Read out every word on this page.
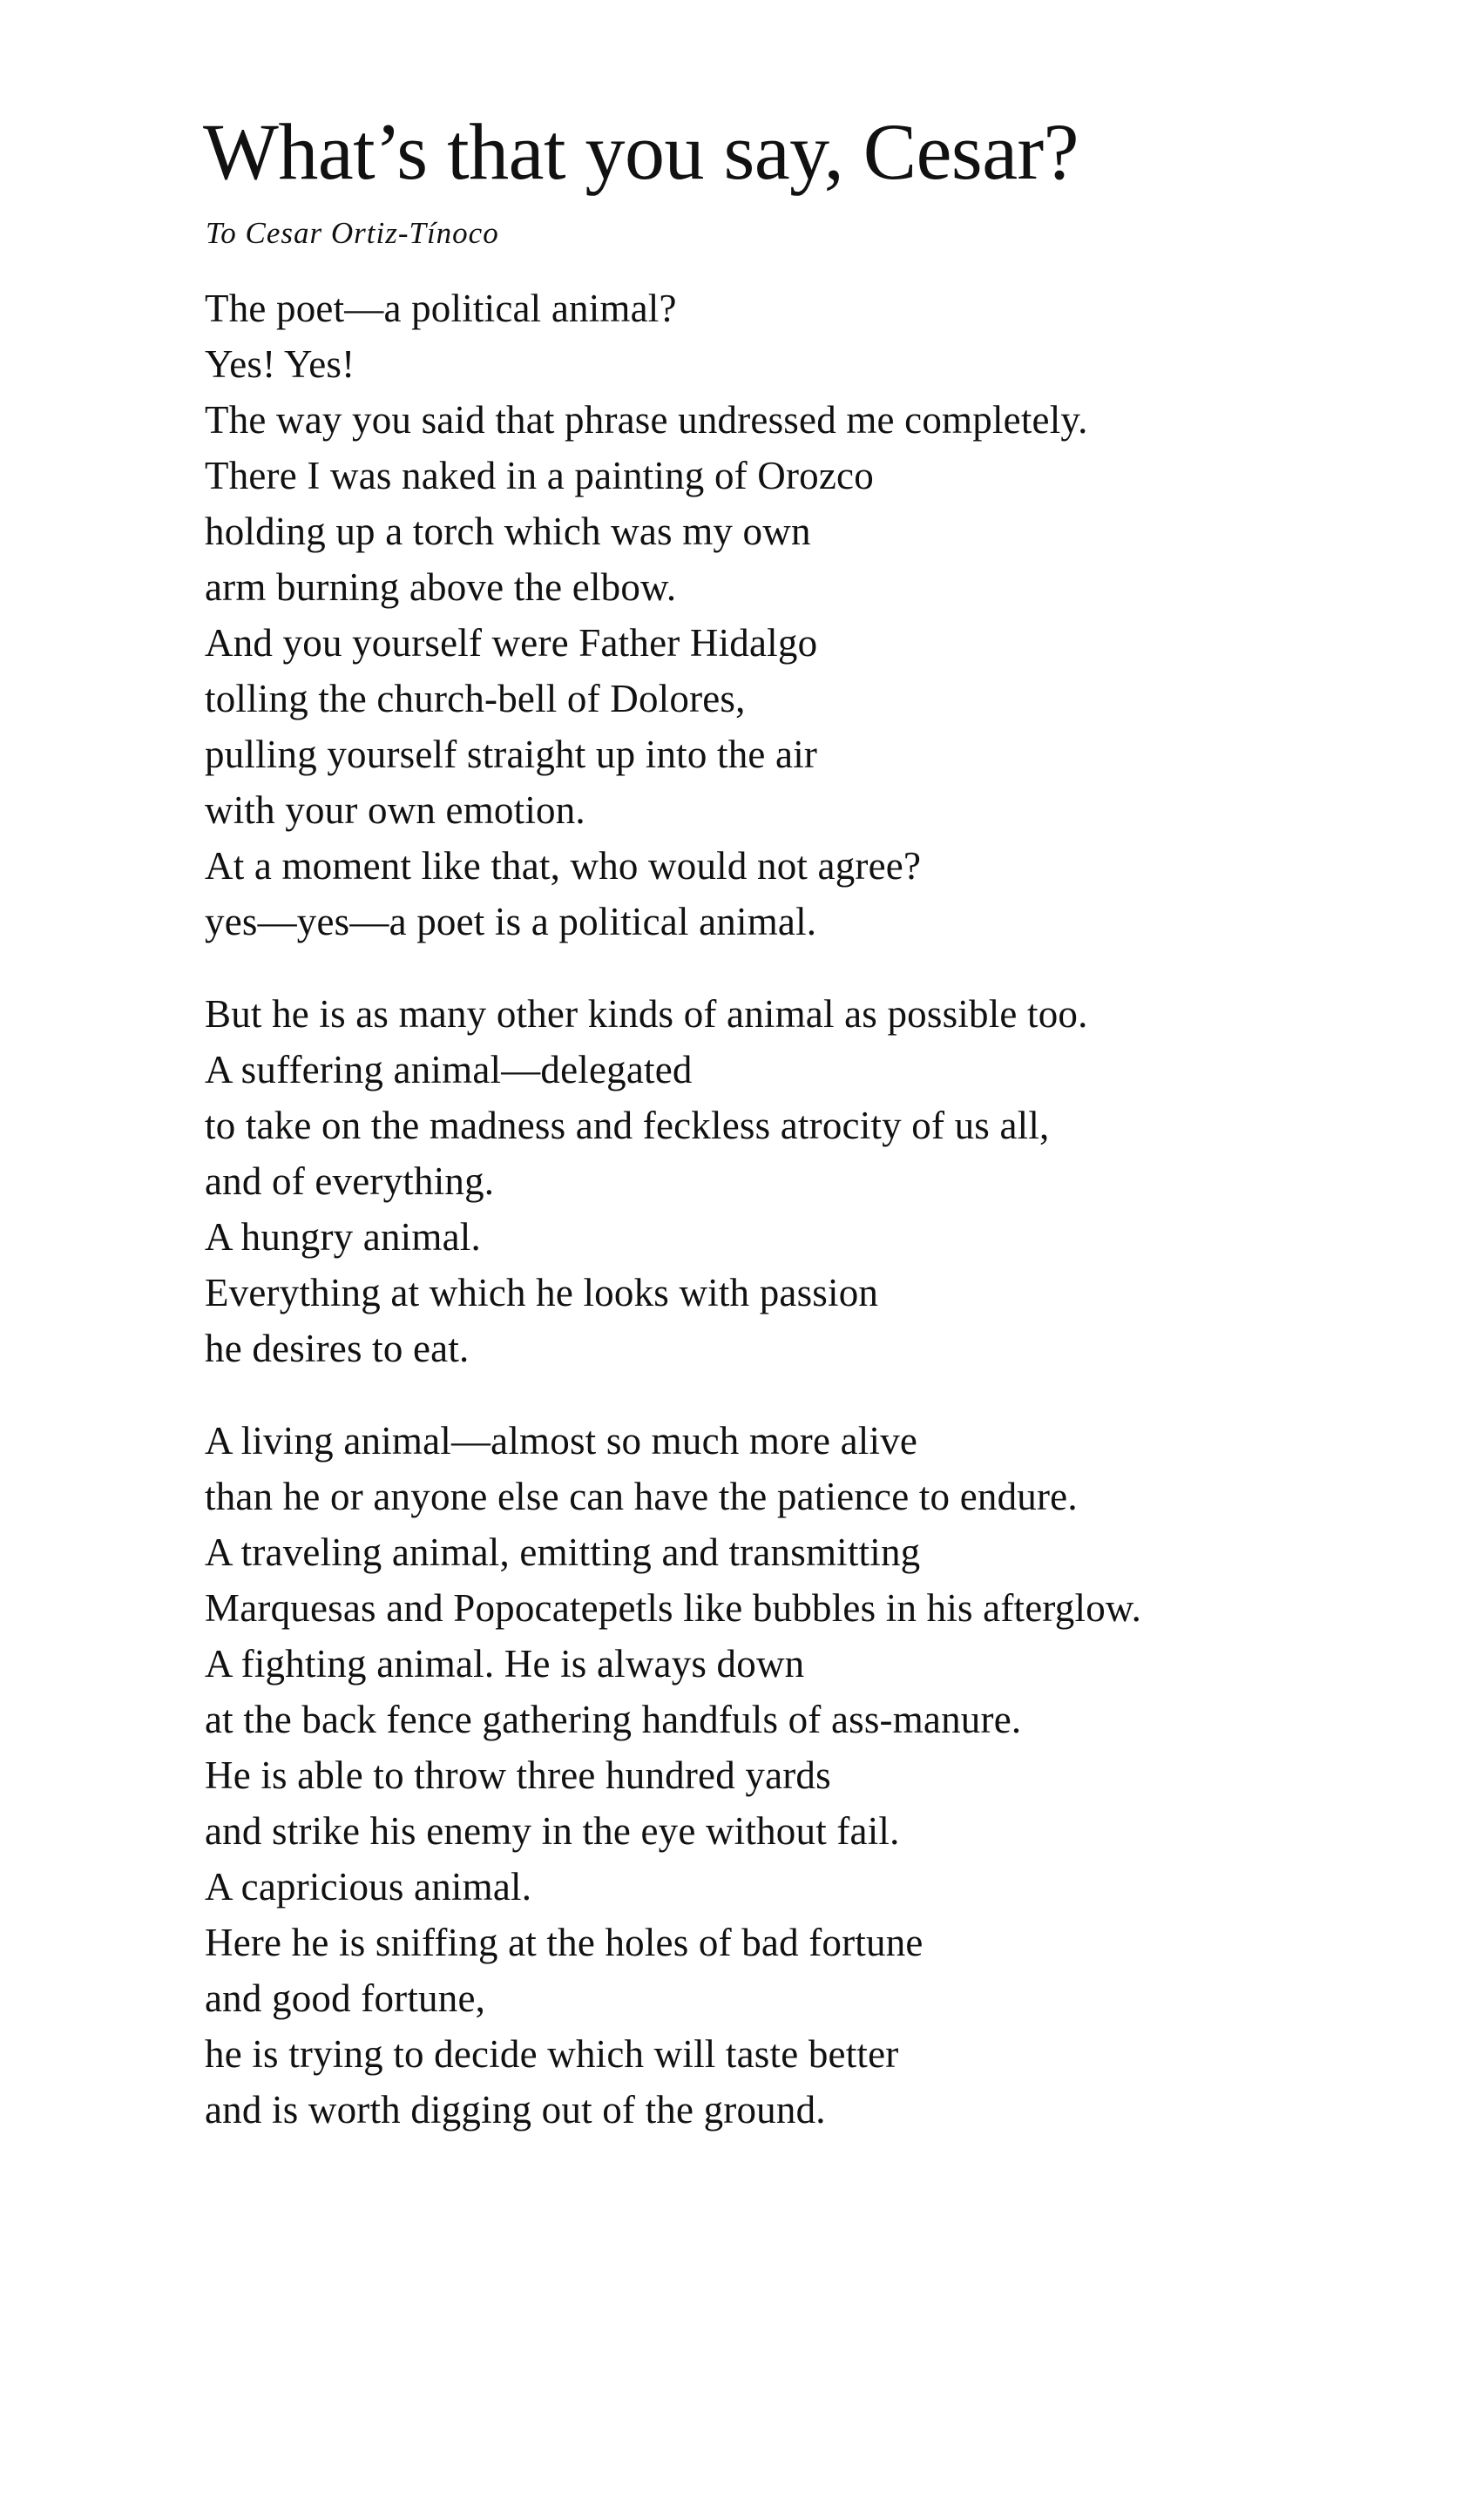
What’s that you say, Cesar?

To Cesar Ortiz-Tínoco

The poet—a political animal?
Yes! Yes!
The way you said that phrase undressed me completely.
There I was naked in a painting of Orozco
holding up a torch which was my own
arm burning above the elbow.
And you yourself were Father Hidalgo
tolling the church-bell of Dolores,
pulling yourself straight up into the air
with your own emotion.
At a moment like that, who would not agree?
yes—yes—a poet is a political animal.
But he is as many other kinds of animal as possible too.
A suffering animal—delegated
to take on the madness and feckless atrocity of us all,
and of everything.
A hungry animal.
Everything at which he looks with passion
he desires to eat.
A living animal—almost so much more alive
than he or anyone else can have the patience to endure.
A traveling animal, emitting and transmitting
Marquesas and Popocatepetls like bubbles in his afterglow.
A fighting animal. He is always down
at the back fence gathering handfuls of ass-manure.
He is able to throw three hundred yards
and strike his enemy in the eye without fail.
A capricious animal.
Here he is sniffing at the holes of bad fortune
and good fortune,
he is trying to decide which will taste better
and is worth digging out of the ground.
